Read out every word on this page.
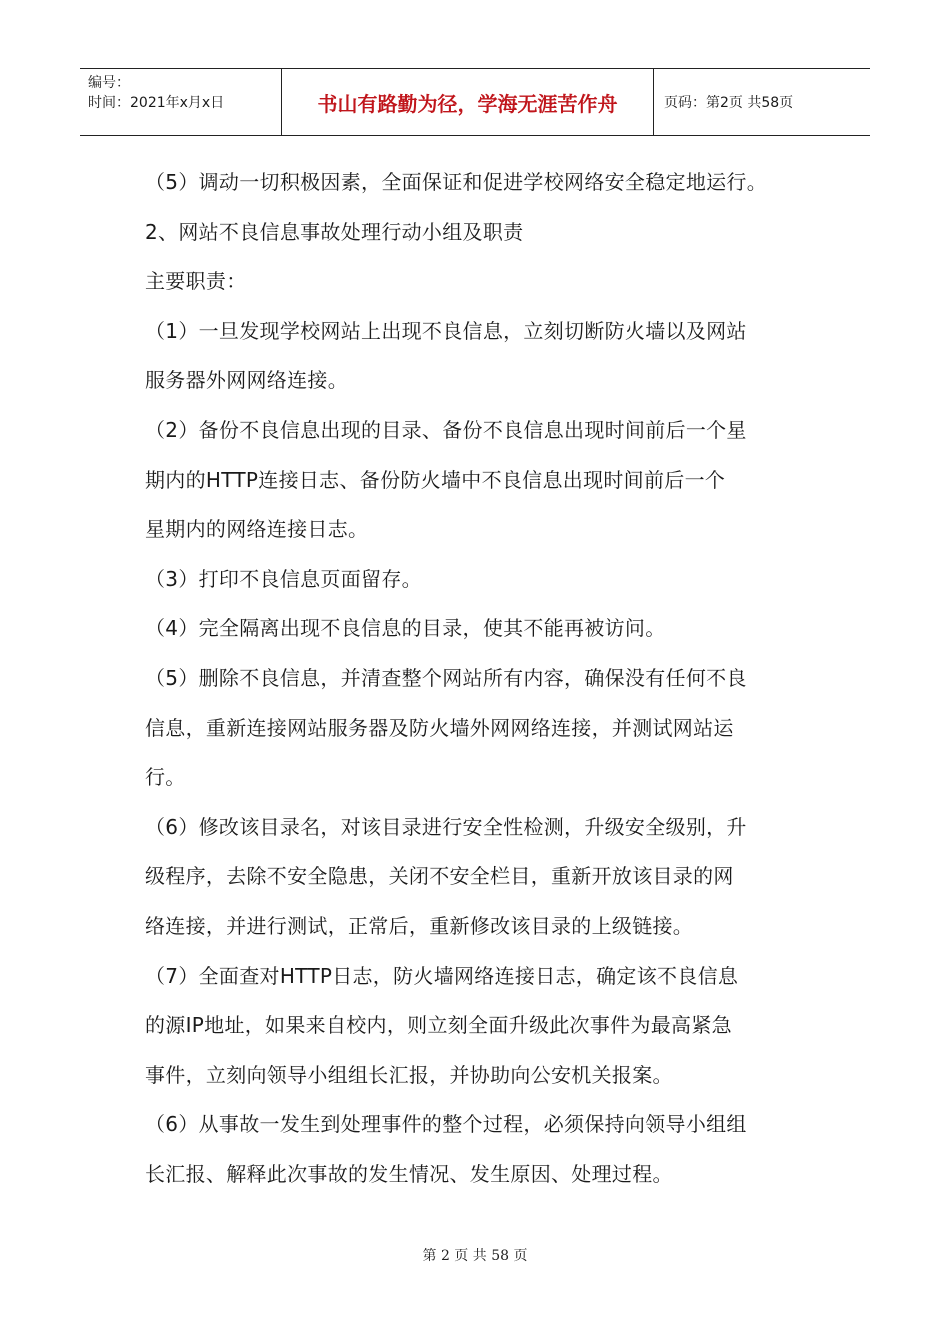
编号：
时间：2021年x月x日	书山有路勤为径，学海无涯苦作舟	页码：第2页 共58页
（5）调动一切积极因素，全面保证和促进学校网络安全稳定地运行。
2、网站不良信息事故处理行动小组及职责
主要职责：
（1）一旦发现学校网站上出现不良信息，立刻切断防火墙以及网站
服务器外网网络连接。
（2）备份不良信息出现的目录、备份不良信息出现时间前后一个星
期内的HTTP连接日志、备份防火墙中不良信息出现时间前后一个
星期内的网络连接日志。
（3）打印不良信息页面留存。
（4）完全隔离出现不良信息的目录，使其不能再被访问。
（5）删除不良信息，并清查整个网站所有内容，确保没有任何不良
信息，重新连接网站服务器及防火墙外网网络连接，并测试网站运
行。
（6）修改该目录名，对该目录进行安全性检测，升级安全级别，升
级程序，去除不安全隐患，关闭不安全栏目，重新开放该目录的网
络连接，并进行测试，正常后，重新修改该目录的上级链接。
（7）全面查对HTTP日志，防火墙网络连接日志，确定该不良信息
的源IP地址，如果来自校内，则立刻全面升级此次事件为最高紧急
事件，立刻向领导小组组长汇报，并协助向公安机关报案。
（6）从事故一发生到处理事件的整个过程，必须保持向领导小组组
长汇报、解释此次事故的发生情况、发生原因、处理过程。
第 2 页 共 58 页
